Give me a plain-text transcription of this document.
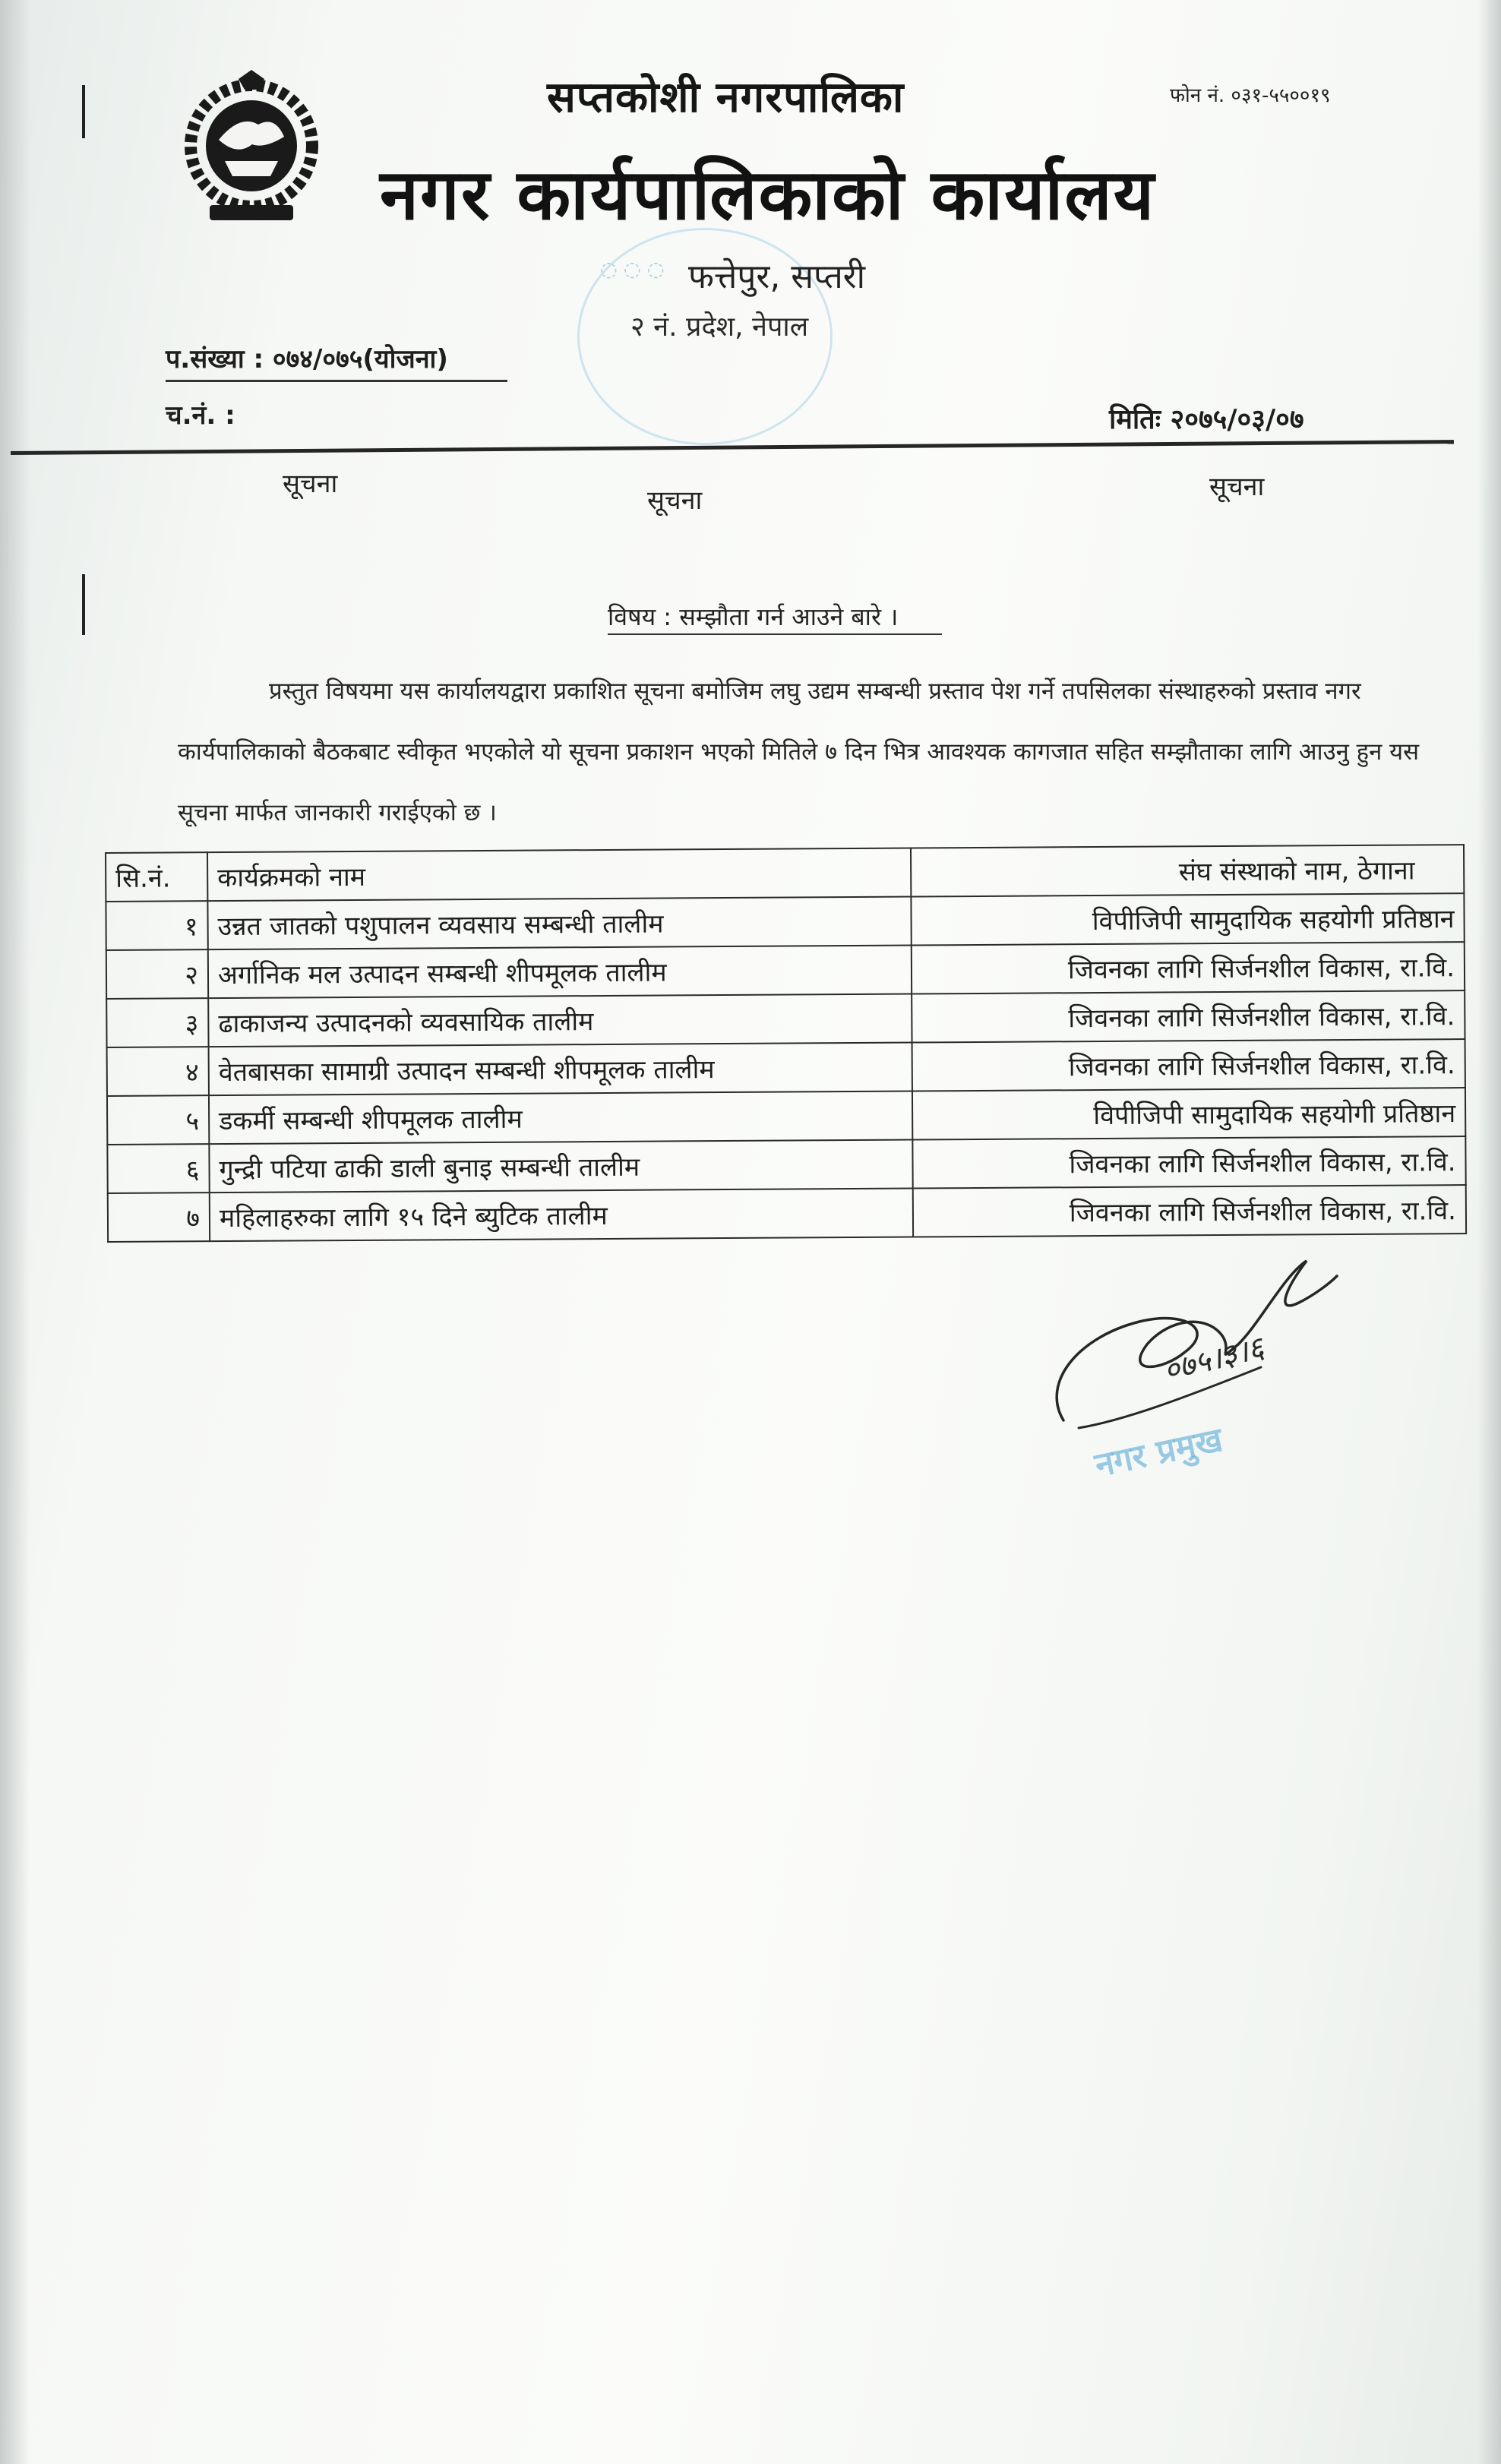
सप्तकोशी नगरपालिका
नगर कार्यपालिकाको कार्यालय
फत्तेपुर, सप्तरी
२ नं. प्रदेश, नेपाल
फोन नं. ०३१-५५००१९
◌ ◌ ◌
प.संख्या : ०७४/०७५(योजना)
च.नं. :	मितिः २०७५/०३/०७
सूचना
सूचना	सूचना
विषय : सम्झौता गर्न आउने बारे ।
प्रस्तुत विषयमा यस कार्यालयद्वारा प्रकाशित सूचना बमोजिम लघु उद्यम सम्बन्धी प्रस्ताव पेश गर्ने तपसिलका संस्थाहरुको प्रस्ताव नगर कार्यपालिकाको बैठकबाट स्वीकृत भएकोले यो सूचना प्रकाशन भएको मितिले ७ दिन भित्र आवश्यक कागजात सहित सम्झौताका लागि आउनु हुन यस सूचना मार्फत जानकारी गराईएको छ ।
सि.नं.	कार्यक्रमको नाम	संघ संस्थाको नाम, ठेगाना
१	उन्नत जातको पशुपालन व्यवसाय सम्बन्धी तालीम	विपीजिपी सामुदायिक सहयोगी प्रतिष्ठान
२	अर्गानिक मल उत्पादन सम्बन्धी शीपमूलक तालीम	जिवनका लागि सिर्जनशील विकास, रा.वि.
३	ढाकाजन्य उत्पादनको व्यवसायिक तालीम	जिवनका लागि सिर्जनशील विकास, रा.वि.
४	वेतबासका सामाग्री उत्पादन सम्बन्धी शीपमूलक तालीम	जिवनका लागि सिर्जनशील विकास, रा.वि.
५	डकर्मी सम्बन्धी शीपमूलक तालीम	विपीजिपी सामुदायिक सहयोगी प्रतिष्ठान
६	गुन्द्री पटिया ढाकी डाली बुनाइ सम्बन्धी तालीम	जिवनका लागि सिर्जनशील विकास, रा.वि.
७	महिलाहरुका लागि १५ दिने ब्युटिक तालीम	जिवनका लागि सिर्जनशील विकास, रा.वि.
०७५।३।६
नगर प्रमुख
